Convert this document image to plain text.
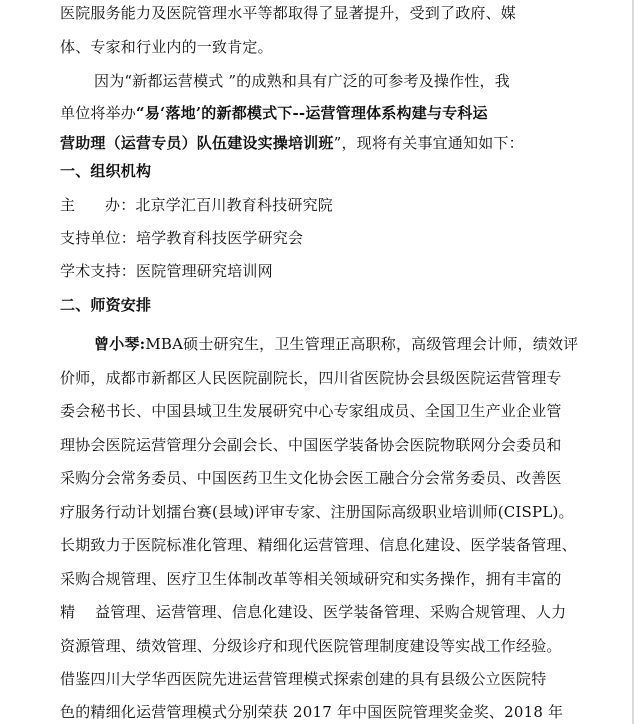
医院服务能力及医院管理水平等都取得了显著提升，受到了政府、媒
体、专家和行业内的一致肯定。
因为“新都运营模式 ”的成熟和具有广泛的可参考及操作性，我
单位将举办“易‘落地’的新都模式下--运营管理体系构建与专科运
营助理（运营专员）队伍建设实操培训班”，现将有关事宜通知如下：
一、组织机构
主      办：北京学汇百川教育科技研究院
支持单位：培学教育科技医学研究会
学术支持：医院管理研究培训网
二、师资安排
曾小琴:MBA硕士研究生，卫生管理正高职称，高级管理会计师，绩效评
价师，成都市新都区人民医院副院长，四川省医院协会县级医院运营管理专
委会秘书长、中国县域卫生发展研究中心专家组成员、全国卫生产业企业管
理协会医院运营管理分会副会长、中国医学装备协会医院物联网分会委员和
采购分会常务委员、中国医药卫生文化协会医工融合分会常务委员、改善医
疗服务行动计划擂台赛(县域)评审专家、注册国际高级职业培训师(CISPL)。
长期致力于医院标准化管理、精细化运营管理、信息化建设、医学装备管理、
采购合规管理、医疗卫生体制改革等相关领域研究和实务操作，拥有丰富的
精    益管理、运营管理、信息化建设、医学装备管理、采购合规管理、人力
资源管理、绩效管理、分级诊疗和现代医院管理制度建设等实战工作经验。
借鉴四川大学华西医院先进运营管理模式探索创建的具有县级公立医院特
色的精细化运营管理模式分别荣获 2017 年中国医院管理奖金奖、2018 年
